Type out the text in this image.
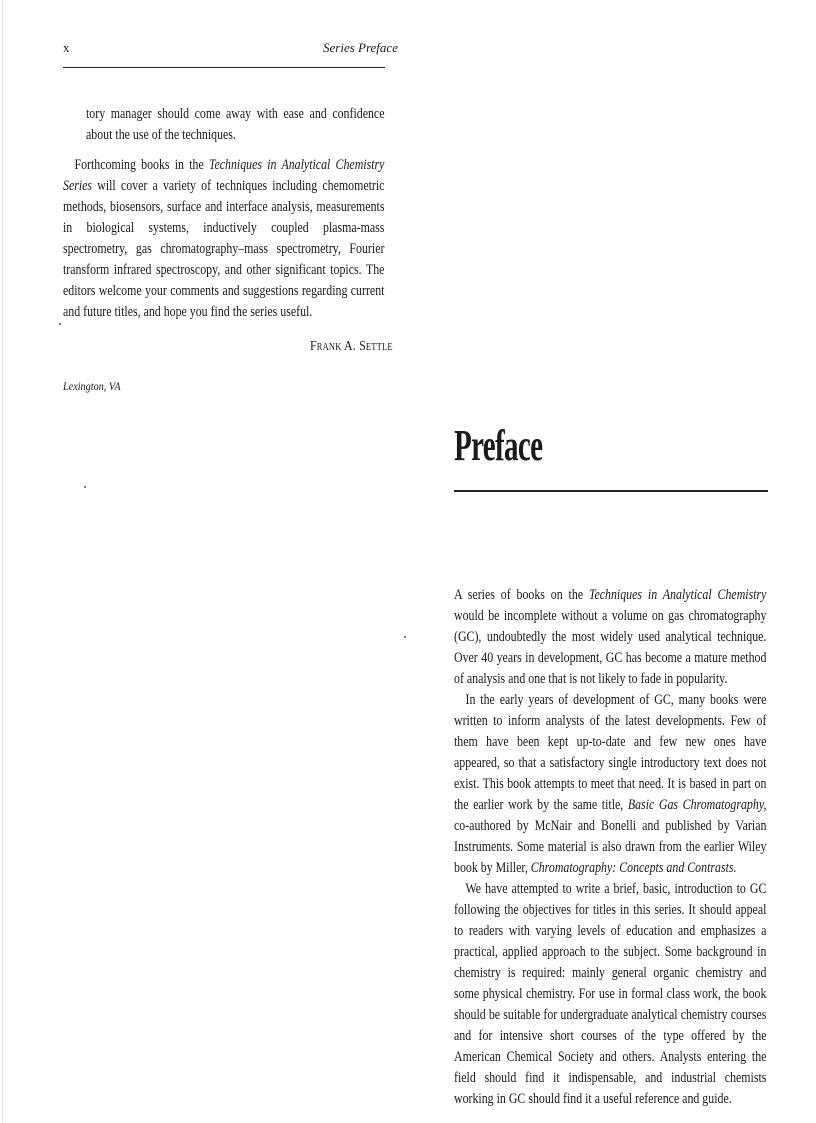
x	Series Preface
tory manager should come away with ease and confidence about the use of the techniques.

Forthcoming books in the Techniques in Analytical Chemistry Series will cover a variety of techniques including chemometric methods, biosensors, surface and interface analysis, measurements in biological systems, inductively coupled plasma-mass spectrometry, gas chromatography–mass spectrometry, Fourier transform infrared spectroscopy, and other significant topics. The editors welcome your comments and suggestions regarding current and future titles, and hope you find the series useful.

Frank A. Settle
Lexington, VA
Preface

A series of books on the Techniques in Analytical Chemistry would be incomplete without a volume on gas chromatography (GC), undoubtedly the most widely used analytical technique. Over 40 years in development, GC has become a mature method of analysis and one that is not likely to fade in popularity.

In the early years of development of GC, many books were written to inform analysts of the latest developments. Few of them have been kept up-to-date and few new ones have appeared, so that a satisfactory single introductory text does not exist. This book attempts to meet that need. It is based in part on the earlier work by the same title, Basic Gas Chromatography, co-authored by McNair and Bonelli and published by Varian Instruments. Some material is also drawn from the earlier Wiley book by Miller, Chromatography: Concepts and Contrasts.

We have attempted to write a brief, basic, introduction to GC following the objectives for titles in this series. It should appeal to readers with varying levels of education and emphasizes a practical, applied approach to the subject. Some background in chemistry is required: mainly general organic chemistry and some physical chemistry. For use in formal class work, the book should be suitable for undergraduate analytical chemistry courses and for intensive short courses of the type offered by the American Chemical Society and others. Analysts entering the field should find it indispensable, and industrial chemists working in GC should find it a useful reference and guide.
